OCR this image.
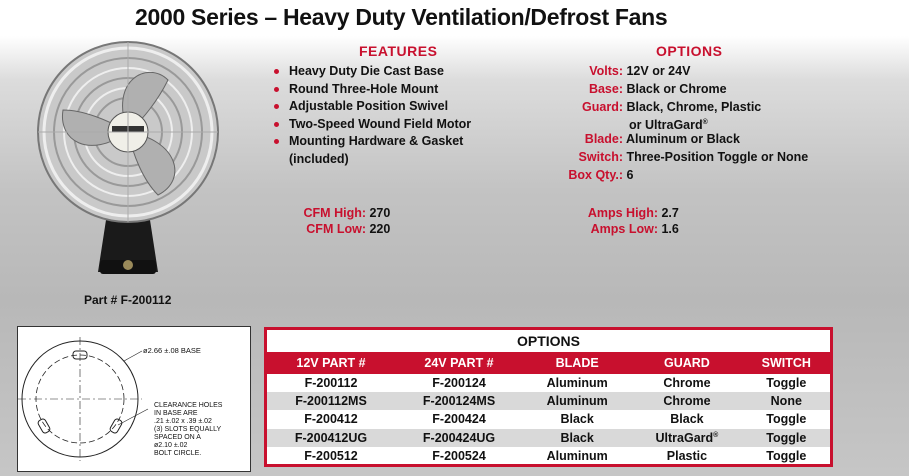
2000 Series – Heavy Duty Ventilation/Defrost Fans
Part # F-200112
FEATURES
Heavy Duty Die Cast Base
Round Three-Hole Mount
Adjustable Position Swivel
Two-Speed Wound Field Motor
Mounting Hardware & Gasket
(included)
OPTIONS
Volts: 12V or 24V
Base: Black or Chrome
Guard: Black, Chrome, Plastic
or UltraGard®
Blade: Aluminum or Black
Switch: Three-Position Toggle or None
Box Qty.: 6
CFM High: 270
CFM Low: 220
Amps High: 2.7
Amps Low: 1.6
ø2.66 ±.08 BASE
CLEARANCE HOLES IN BASE ARE .21 ±.02 x .39 ±.02 (3) SLOTS EQUALLY SPACED ON A ø2.10 ±.02 BOLT CIRCLE.
OPTIONS
12V PART #	24V PART #	BLADE	GUARD	SWITCH
F-200112	F-200124	Aluminum	Chrome	Toggle
F-200112MS	F-200124MS	Aluminum	Chrome	None
F-200412	F-200424	Black	Black	Toggle
F-200412UG	F-200424UG	Black	UltraGard®	Toggle
F-200512	F-200524	Aluminum	Plastic	Toggle
